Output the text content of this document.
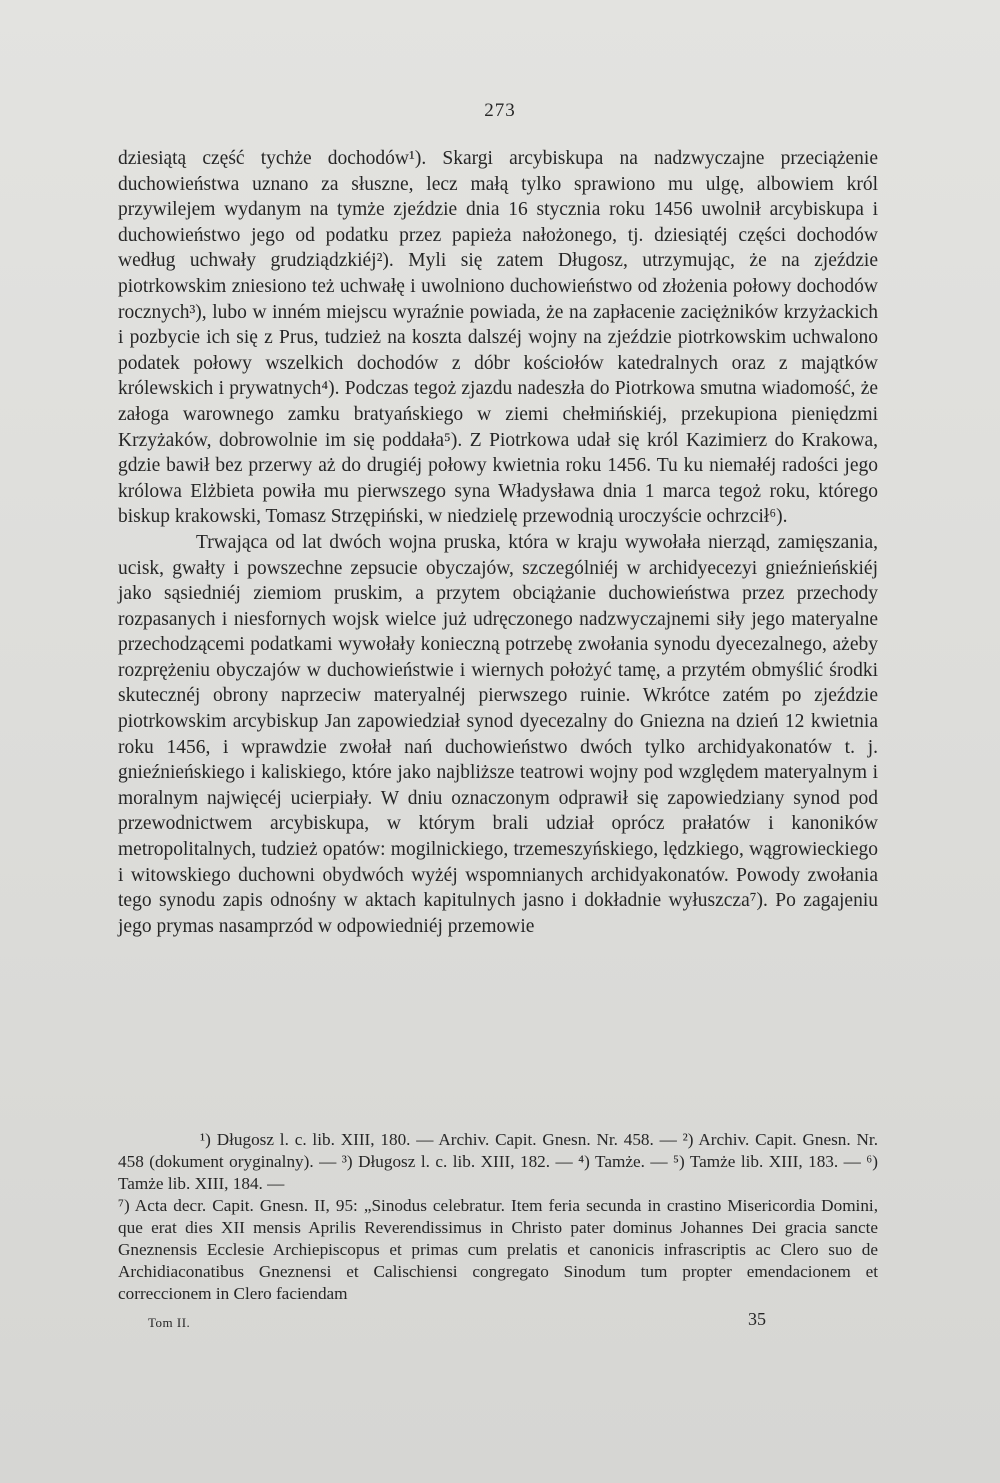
273

dziesiątą część tychże dochodów¹). Skargi arcybiskupa na nadzwyczajne przeciążenie duchowieństwa uznano za słuszne, lecz małą tylko sprawiono mu ulgę, albowiem król przywilejem wydanym na tymże zjeździe dnia 16 stycznia roku 1456 uwolnił arcybiskupa i duchowieństwo jego od podatku przez papieża nałożonego, tj. dziesiątéj części dochodów według uchwały grudziądzkiéj²). Myli się zatem Długosz, utrzymując, że na zjeździe piotrkowskim zniesiono też uchwałę i uwolniono duchowieństwo od złożenia połowy dochodów rocznych³), lubo w inném miejscu wyraźnie powiada, że na zapłacenie zaciężników krzyżackich i pozbycie ich się z Prus, tudzież na koszta dalszéj wojny na zjeździe piotrkowskim uchwalono podatek połowy wszelkich dochodów z dóbr kościołów katedralnych oraz z majątków królewskich i prywatnych⁴). Podczas tegoż zjazdu nadeszła do Piotrkowa smutna wiadomość, że załoga warownego zamku bratyańskiego w ziemi chełmińskiéj, przekupiona pieniędzmi Krzyżaków, dobrowolnie im się poddała⁵). Z Piotrkowa udał się król Kazimierz do Krakowa, gdzie bawił bez przerwy aż do drugiéj połowy kwietnia roku 1456. Tu ku niemałéj radości jego królowa Elżbieta powiła mu pierwszego syna Władysława dnia 1 marca tegoż roku, którego biskup krakowski, Tomasz Strzępiński, w niedzielę przewodnią uroczyście ochrzcił⁶).

Trwająca od lat dwóch wojna pruska, która w kraju wywołała nierząd, zamięszania, ucisk, gwałty i powszechne zepsucie obyczajów, szczególniéj w archidyecezyi gnieźnieńskiéj jako sąsiedniéj ziemiom pruskim, a przytem obciążanie duchowieństwa przez przechody rozpasanych i niesfornych wojsk wielce już udręczonego nadzwyczajnemi siły jego materyalne przechodzącemi podatkami wywołały konieczną potrzebę zwołania synodu dyecezalnego, ażeby rozprężeniu obyczajów w duchowieństwie i wiernych położyć tamę, a przytém obmyślić środki skutecznéj obrony naprzeciw materyalnéj pierwszego ruinie. Wkrótce zatém po zjeździe piotrkowskim arcybiskup Jan zapowiedział synod dyecezalny do Gniezna na dzień 12 kwietnia roku 1456, i wprawdzie zwołał nań duchowieństwo dwóch tylko archidyakonatów t. j. gnieźnieńskiego i kaliskiego, które jako najbliższe teatrowi wojny pod względem materyalnym i moralnym najwięcéj ucierpiały. W dniu oznaczonym odprawił się zapowiedziany synod pod przewodnictwem arcybiskupa, w którym brali udział oprócz prałatów i kanoników metropolitalnych, tudzież opatów: mogilnickiego, trzemeszyńskiego, lędzkiego, wągrowieckiego i witowskiego duchowni obydwóch wyżéj wspomnianych archidyakonatów. Powody zwołania tego synodu zapis odnośny w aktach kapitulnych jasno i dokładnie wyłuszcza⁷). Po zagajeniu jego prymas nasamprzód w odpowiedniéj przemowie

¹) Długosz l. c. lib. XIII, 180. — Archiv. Capit. Gnesn. Nr. 458. — ²) Archiv. Capit. Gnesn. Nr. 458 (dokument oryginalny). — ³) Długosz l. c. lib. XIII, 182. — ⁴) Tamże. — ⁵) Tamże lib. XIII, 183. — ⁶) Tamże lib. XIII, 184. —

⁷) Acta decr. Capit. Gnesn. II, 95: „Sinodus celebratur. Item feria secunda in crastino Misericordia Domini, que erat dies XII mensis Aprilis Reverendissimus in Christo pater dominus Johannes Dei gracia sancte Gneznensis Ecclesie Archiepiscopus et primas cum prelatis et canonicis infrascriptis ac Clero suo de Archidiaconatibus Gneznensi et Calischiensi congregato Sinodum tum propter emendacionem et correccionem in Clero faciendam

Tom II.	35
